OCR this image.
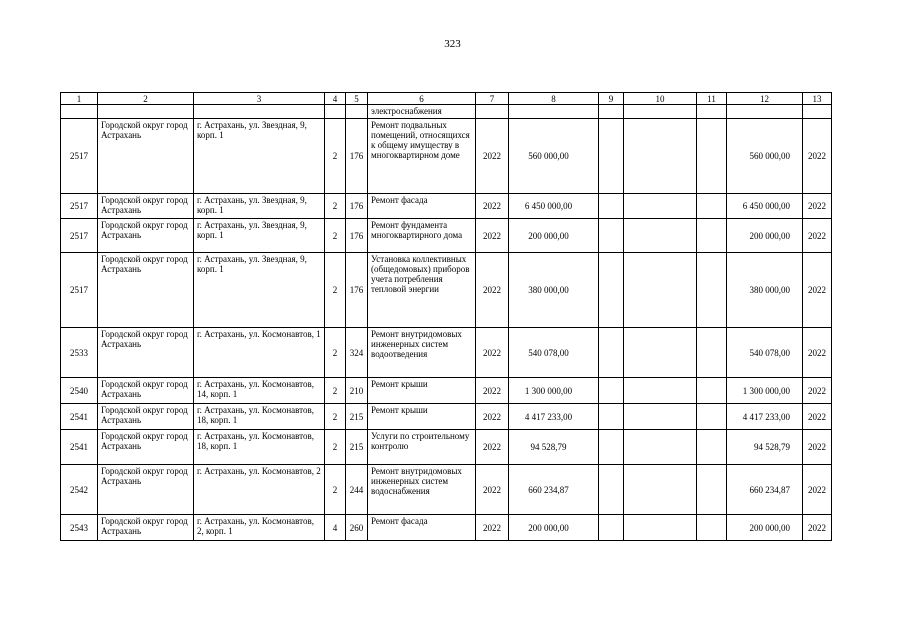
323
1	2	3	4	5	6	7	8	9	10	11	12	13
					электроснабжения							
2517	Городской округ город Астрахань	г. Астрахань, ул. Звездная, 9, корп. 1	2	176	Ремонт подвальных помещений, относящихся к общему имуществу в многоквартирном доме	2022	560 000,00				560 000,00	2022
2517	Городской округ город Астрахань	г. Астрахань, ул. Звездная, 9, корп. 1	2	176	Ремонт фасада	2022	6 450 000,00				6 450 000,00	2022
2517	Городской округ город Астрахань	г. Астрахань, ул. Звездная, 9, корп. 1	2	176	Ремонт фундамента многоквартирного дома	2022	200 000,00				200 000,00	2022
2517	Городской округ город Астрахань	г. Астрахань, ул. Звездная, 9, корп. 1	2	176	Установка коллективных (общедомовых) приборов учета потребления тепловой энергии	2022	380 000,00				380 000,00	2022
2533	Городской округ город Астрахань	г. Астрахань, ул. Космонавтов, 1	2	324	Ремонт внутридомовых инженерных систем водоотведения	2022	540 078,00				540 078,00	2022
2540	Городской округ город Астрахань	г. Астрахань, ул. Космонавтов, 14, корп. 1	2	210	Ремонт крыши	2022	1 300 000,00				1 300 000,00	2022
2541	Городской округ город Астрахань	г. Астрахань, ул. Космонавтов, 18, корп. 1	2	215	Ремонт крыши	2022	4 417 233,00				4 417 233,00	2022
2541	Городской округ город Астрахань	г. Астрахань, ул. Космонавтов, 18, корп. 1	2	215	Услуги по строительному контролю	2022	94 528,79				94 528,79	2022
2542	Городской округ город Астрахань	г. Астрахань, ул. Космонавтов, 2	2	244	Ремонт внутридомовых инженерных систем водоснабжения	2022	660 234,87				660 234,87	2022
2543	Городской округ город Астрахань	г. Астрахань, ул. Космонавтов, 2, корп. 1	4	260	Ремонт фасада	2022	200 000,00				200 000,00	2022
